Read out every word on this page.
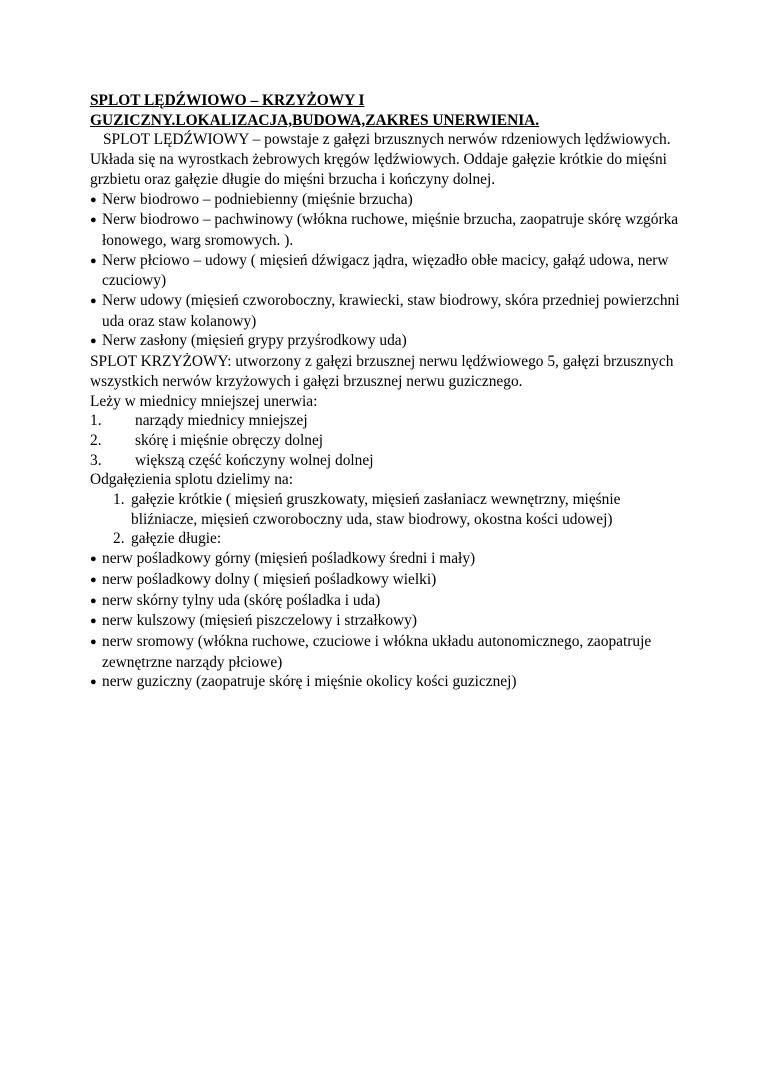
SPLOT LĘDŹWIOWO – KRZYŻOWY I
GUZICZNY.LOKALIZACJA,BUDOWA,ZAKRES UNERWIENIA.

SPLOT LĘDŹWIOWY – powstaje z gałęzi brzusznych nerwów rdzeniowych lędźwiowych. Układa się na wyrostkach żebrowych kręgów lędźwiowych. Oddaje gałęzie krótkie do mięśni grzbietu oraz gałęzie długie do mięśni brzucha i kończyny dolnej.

● Nerw biodrowo – podniebienny (mięśnie brzucha)

● Nerw biodrowo – pachwinowy (włókna ruchowe, mięśnie brzucha, zaopatruje skórę wzgórka łonowego, warg sromowych. ).

● Nerw płciowo – udowy ( mięsień dźwigacz jądra, więzadło obłe macicy, gałąź udowa, nerw czuciowy)

● Nerw udowy (mięsień czworoboczny, krawiecki, staw biodrowy, skóra przedniej powierzchni uda oraz staw kolanowy)

● Nerw zasłony (mięsień grypy przyśrodkowy uda)

SPLOT KRZYŻOWY: utworzony z gałęzi brzusznej nerwu lędźwiowego 5, gałęzi brzusznych wszystkich nerwów krzyżowych i gałęzi brzusznej nerwu guzicznego.

Leży w miednicy mniejszej unerwia:

1. narządy miednicy mniejszej

2. skórę i mięśnie obręczy dolnej

3. większą część kończyny wolnej dolnej

Odgałęzienia splotu dzielimy na:

1. gałęzie krótkie ( mięsień gruszkowaty, mięsień zasłaniacz wewnętrzny, mięśnie bliźniacze, mięsień czworoboczny uda, staw biodrowy, okostna kości udowej)

2. gałęzie długie:

● nerw pośladkowy górny (mięsień pośladkowy średni i mały)

● nerw pośladkowy dolny ( mięsień pośladkowy wielki)

● nerw skórny tylny uda (skórę pośladka i uda)

● nerw kulszowy (mięsień piszczelowy i strzałkowy)

● nerw sromowy (włókna ruchowe, czuciowe i włókna układu autonomicznego, zaopatruje zewnętrzne narządy płciowe)

● nerw guziczny (zaopatruje skórę i mięśnie okolicy kości guzicznej)
